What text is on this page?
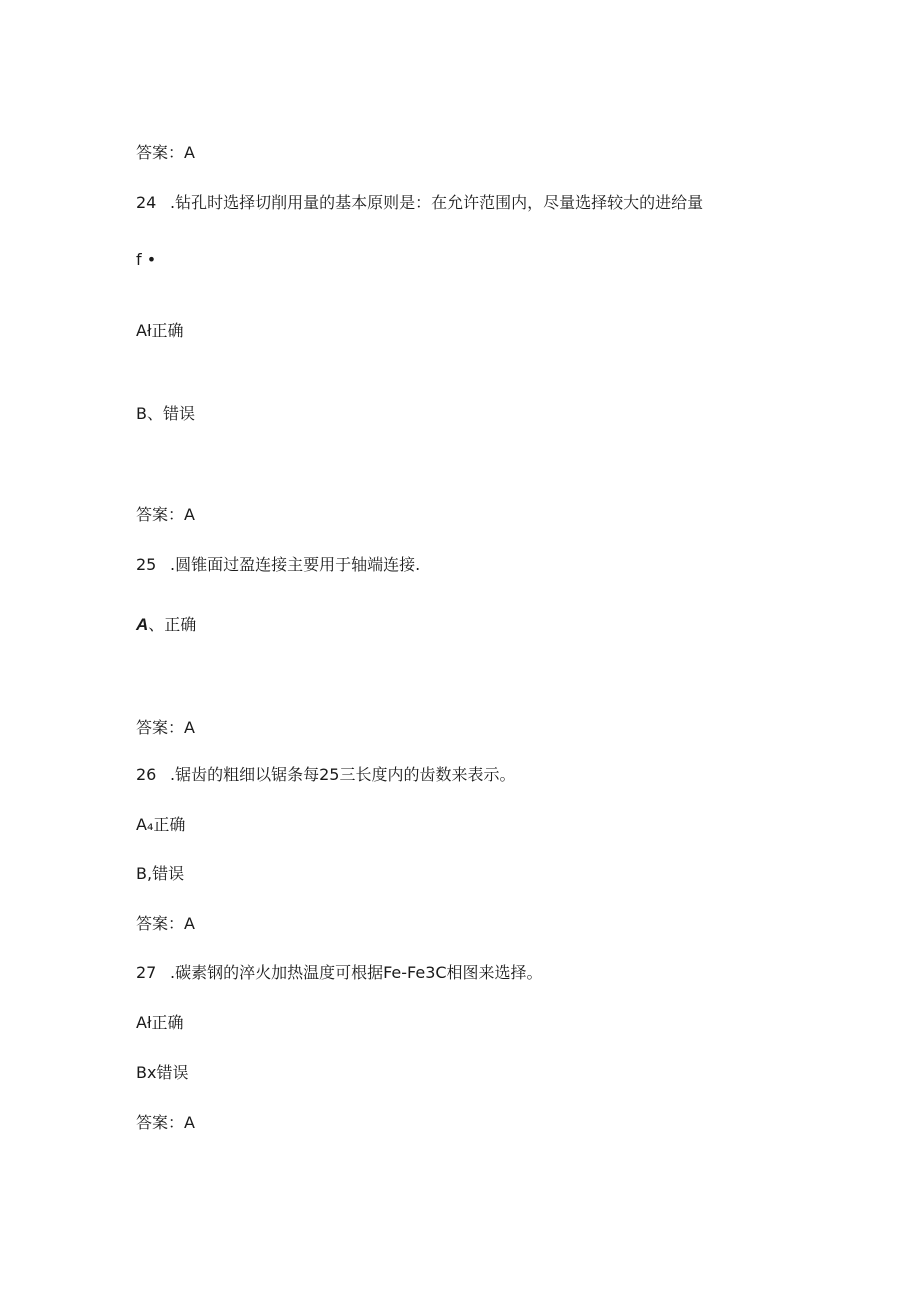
答案：A
24 .钻孔时选择切削用量的基本原则是：在允许范围内，尽量选择较大的进给量
f •
Ał正确
B、错误
答案：A
25 .圆锥面过盈连接主要用于轴端连接.
A、正确
答案：A
26 .锯齿的粗细以锯条每25三长度内的齿数来表示。
A₄正确
B,错误
答案：A
27 .碳素钢的淬火加热温度可根据Fe-Fe3C相图来选择。
Ał正确
Bx错误
答案：A
